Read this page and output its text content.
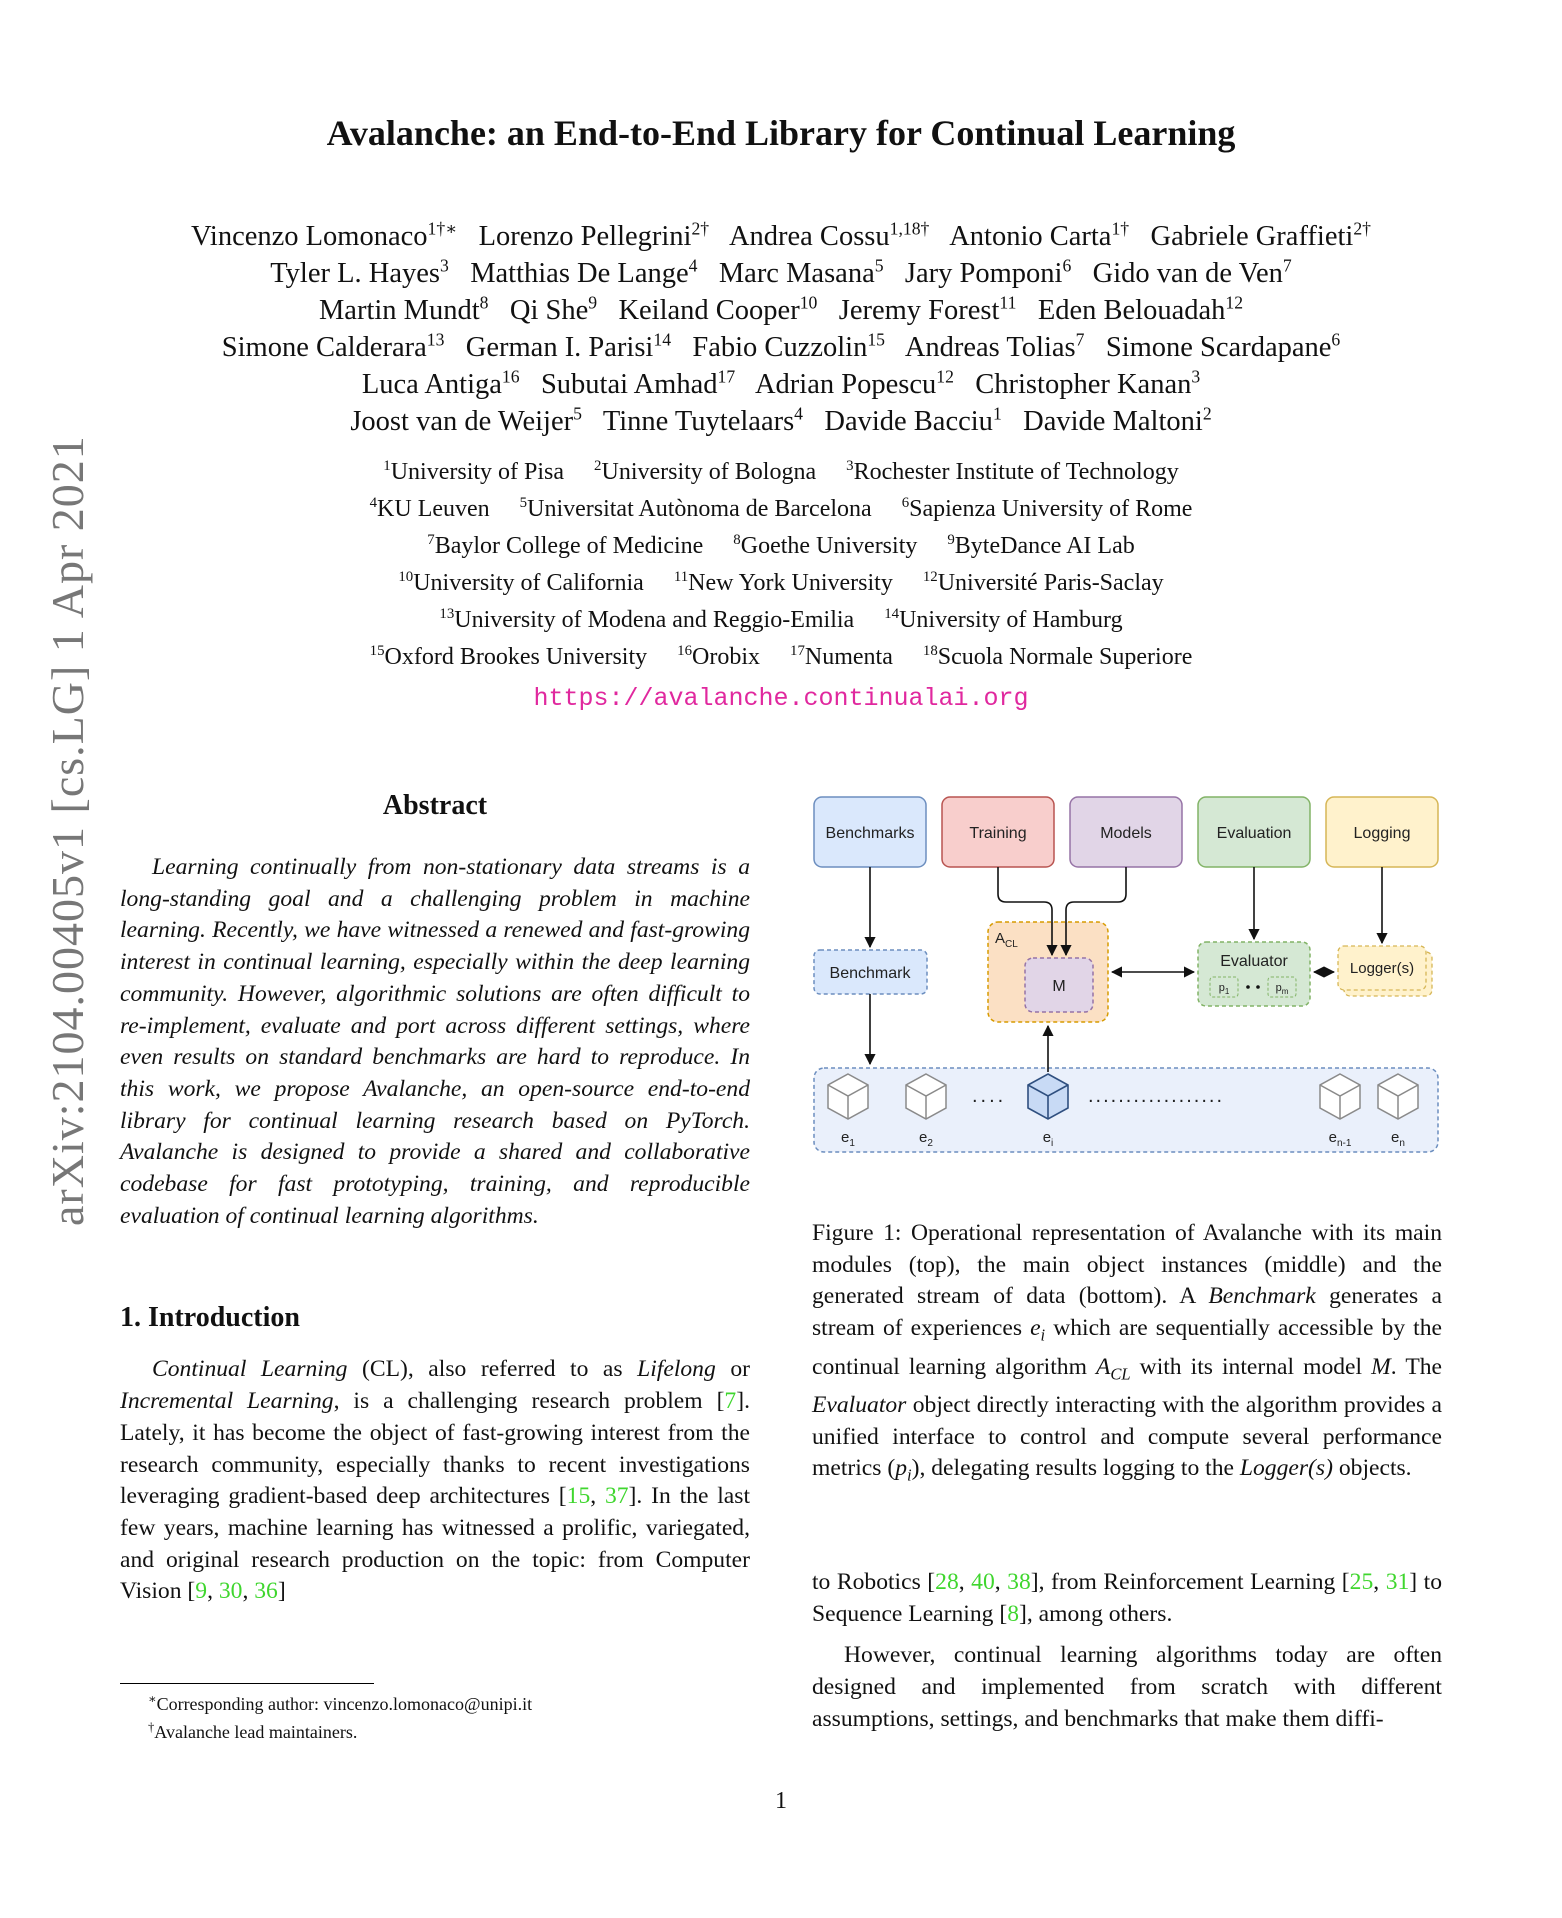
arXiv:2104.00405v1 [cs.LG] 1 Apr 2021
Avalanche: an End-to-End Library for Continual Learning
Vincenzo Lomonaco$^{1\dagger∗}$  Lorenzo Pellegrini$^{2\dagger}$  Andrea Cossu$^{1,18\dagger}$  Antonio Carta$^{1\dagger}$  Gabriele Graffieti$^{2\dagger}$
Tyler L. Hayes$^3$  Matthias De Lange$^4$  Marc Masana$^5$  Jary Pomponi$^6$  Gido van de Ven$^7$
Martin Mundt$^8$  Qi She$^9$  Keiland Cooper$^{10}$  Jeremy Forest$^{11}$  Eden Belouadah$^{12}$
Simone Calderara$^{13}$  German I. Parisi$^{14}$  Fabio Cuzzolin$^{15}$  Andreas Tolias$^7$  Simone Scardapane$^6$
Luca Antiga$^{16}$  Subutai Amhad$^{17}$  Adrian Popescu$^{12}$  Christopher Kanan$^3$
Joost van de Weijer$^5$  Tinne Tuytelaars$^4$  Davide Bacciu$^1$  Davide Maltoni$^2$
$^1$University of Pisa  $^2$University of Bologna  $^3$Rochester Institute of Technology
$^4$KU Leuven  $^5$Universitat Autònoma de Barcelona  $^6$Sapienza University of Rome
$^7$Baylor College of Medicine  $^8$Goethe University  $^9$ByteDance AI Lab
$^{10}$University of California  $^{11}$New York University  $^{12}$Université Paris-Saclay
$^{13}$University of Modena and Reggio-Emilia  $^{14}$University of Hamburg
$^{15}$Oxford Brookes University  $^{16}$Orobix  $^{17}$Numenta  $^{18}$Scuola Normale Superiore
https://avalanche.continualai.org
Abstract

Learning continually from non-stationary data streams is a long-standing goal and a challenging problem in machine learning. Recently, we have witnessed a renewed and fast-growing interest in continual learning, especially within the deep learning community. However, algorithmic solutions are often difficult to re-implement, evaluate and port across different settings, where even results on standard benchmarks are hard to reproduce. In this work, we propose Avalanche, an open-source end-to-end library for continual learning research based on PyTorch. Avalanche is designed to provide a shared and collaborative codebase for fast prototyping, training, and reproducible evaluation of continual learning algorithms.

1. Introduction

Continual Learning (CL), also referred to as Lifelong or Incremental Learning, is a challenging research problem [7]. Lately, it has become the object of fast-growing interest from the research community, especially thanks to recent investigations leveraging gradient-based deep architectures [15, 37]. In the last few years, machine learning has witnessed a prolific, variegated, and original research production on the topic: from Computer Vision [9, 30, 36]

∗Corresponding author: vincenzo.lomonaco@unipi.it
†Avalanche lead maintainers.
Benchmarks	Training	Models	Evaluation	Logging
Benchmark
$A_{CL}$
M
Evaluator
$p_1$	$p_m$
Logger(s)
....	..................
$e_1$	$e_2$	$e_i$	$e_{n-1}$	$e_n$

Figure 1: Operational representation of Avalanche with its main modules (top), the main object instances (middle) and the generated stream of data (bottom). A Benchmark generates a stream of experiences $e_i$ which are sequentially accessible by the continual learning algorithm $A_{CL}$ with its internal model M. The Evaluator object directly interacting with the algorithm provides a unified interface to control and compute several performance metrics $(p_i)$, delegating results logging to the Logger(s) objects.

to Robotics [28, 40, 38], from Reinforcement Learning [25, 31] to Sequence Learning [8], among others.

However, continual learning algorithms today are often designed and implemented from scratch with different assumptions, settings, and benchmarks that make them diffi-

1
